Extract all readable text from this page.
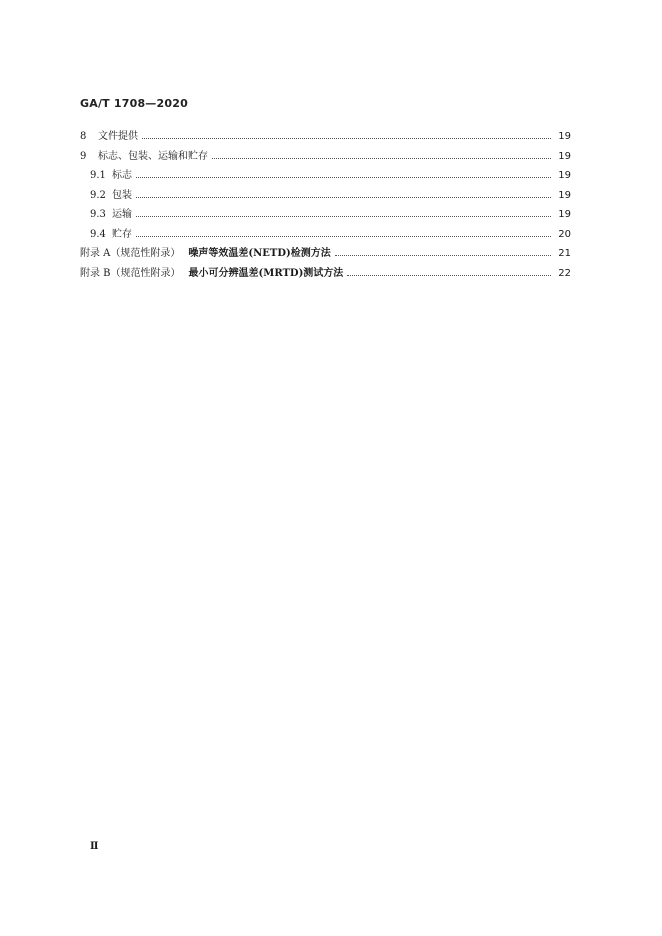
GA/T 1708—2020
8	文件提供	19
9	标志、包装、运输和贮存	19
9.1 标志	19
9.2 包装	19
9.3 运输	19
9.4 贮存	20
附录 A（规范性附录） 噪声等效温差(NETD)检测方法	21
附录 B（规范性附录） 最小可分辨温差(MRTD)测试方法	22
Ⅱ
